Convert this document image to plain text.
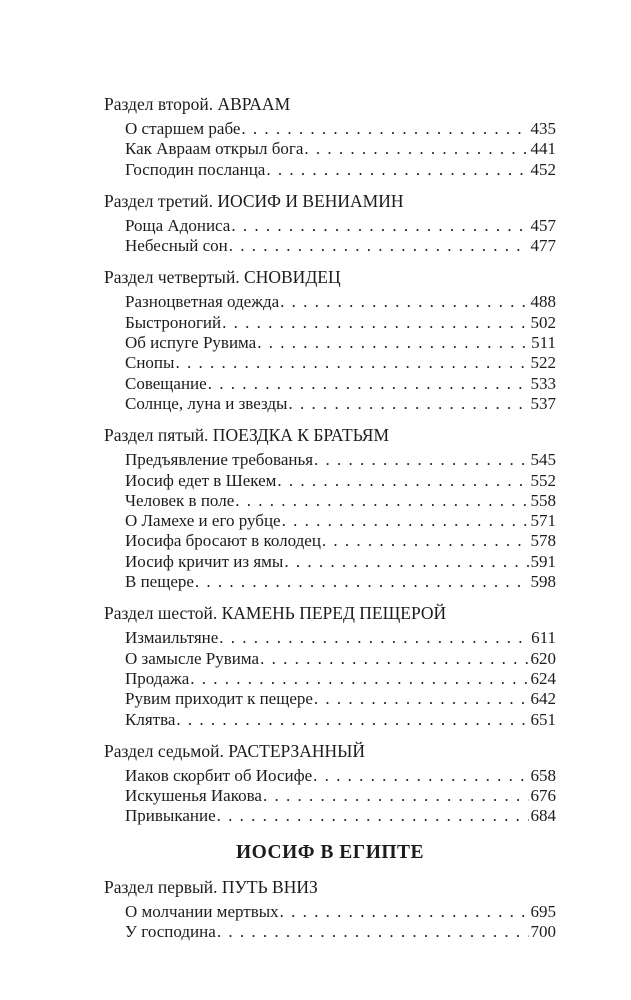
Раздел второй. АВРААМ
О старшем рабе . . .	435
Как Авраам открыл бога . . .	441
Господин посланца . . .	452
Раздел третий. ИОСИФ И ВЕНИАМИН
Роща Адониса . . .	457
Небесный сон . . .	477
Раздел четвертый. СНОВИДЕЦ
Разноцветная одежда . . .	488
Быстроногий . . .	502
Об испуге Рувима . . .	511
Снопы . . .	522
Совещание . . .	533
Солнце, луна и звезды . . .	537
Раздел пятый. ПОЕЗДКА К БРАТЬЯМ
Предъявление требованья . . .	545
Иосиф едет в Шекем . . .	552
Человек в поле . . .	558
О Ламехе и его рубце . . .	571
Иосифа бросают в колодец . . .	578
Иосиф кричит из ямы . . .	591
В пещере . . .	598
Раздел шестой. КАМЕНЬ ПЕРЕД ПЕЩЕРОЙ
Измаильтяне . . .	611
О замысле Рувима . . .	620
Продажа . . .	624
Рувим приходит к пещере . . .	642
Клятва . . .	651
Раздел седьмой. РАСТЕРЗАННЫЙ
Иаков скорбит об Иосифе . . .	658
Искушенья Иакова . . .	676
Привыкание . . .	684
ИОСИФ В ЕГИПТЕ
Раздел первый. ПУТЬ ВНИЗ
О молчании мертвых . . .	695
У господина . . .	700
